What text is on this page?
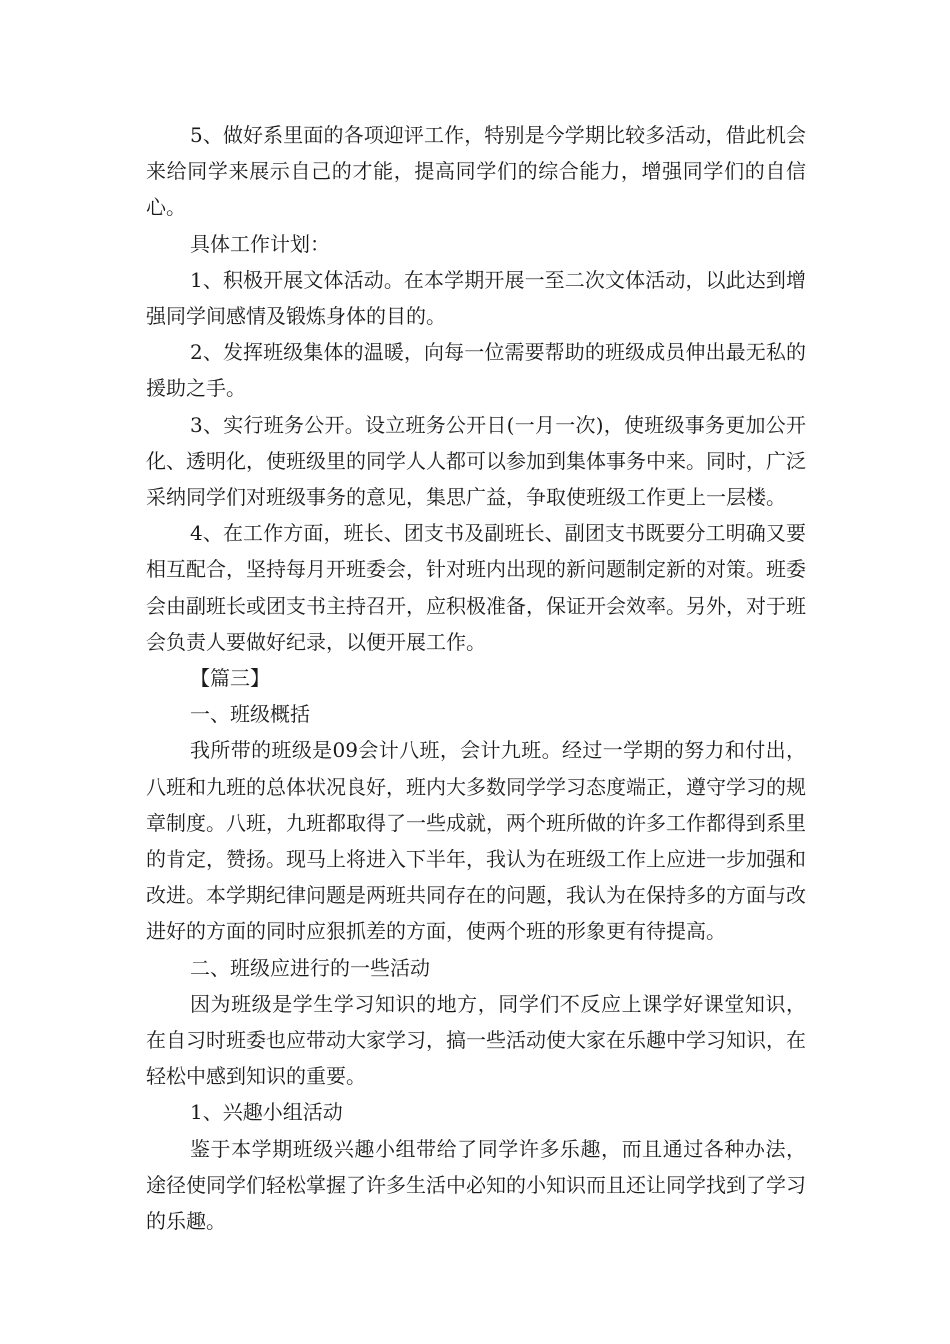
5、做好系里面的各项迎评工作，特别是今学期比较多活动，借此机会来给同学来展示自己的才能，提高同学们的综合能力，增强同学们的自信心。

具体工作计划：

1、积极开展文体活动。在本学期开展一至二次文体活动，以此达到增强同学间感情及锻炼身体的目的。

2、发挥班级集体的温暖，向每一位需要帮助的班级成员伸出最无私的援助之手。

3、实行班务公开。设立班务公开日(一月一次)，使班级事务更加公开化、透明化，使班级里的同学人人都可以参加到集体事务中来。同时，广泛采纳同学们对班级事务的意见，集思广益，争取使班级工作更上一层楼。

4、在工作方面，班长、团支书及副班长、副团支书既要分工明确又要相互配合，坚持每月开班委会，针对班内出现的新问题制定新的对策。班委会由副班长或团支书主持召开，应积极准备，保证开会效率。另外，对于班会负责人要做好纪录，以便开展工作。

【篇三】

一、班级概括

我所带的班级是09会计八班，会计九班。经过一学期的努力和付出，八班和九班的总体状况良好，班内大多数同学学习态度端正，遵守学习的规章制度。八班，九班都取得了一些成就，两个班所做的许多工作都得到系里的肯定，赞扬。现马上将进入下半年，我认为在班级工作上应进一步加强和改进。本学期纪律问题是两班共同存在的问题，我认为在保持多的方面与改进好的方面的同时应狠抓差的方面，使两个班的形象更有待提高。

二、班级应进行的一些活动

因为班级是学生学习知识的地方，同学们不反应上课学好课堂知识，在自习时班委也应带动大家学习，搞一些活动使大家在乐趣中学习知识，在轻松中感到知识的重要。

1、兴趣小组活动

鉴于本学期班级兴趣小组带给了同学许多乐趣，而且通过各种办法，途径使同学们轻松掌握了许多生活中必知的小知识而且还让同学找到了学习的乐趣。
